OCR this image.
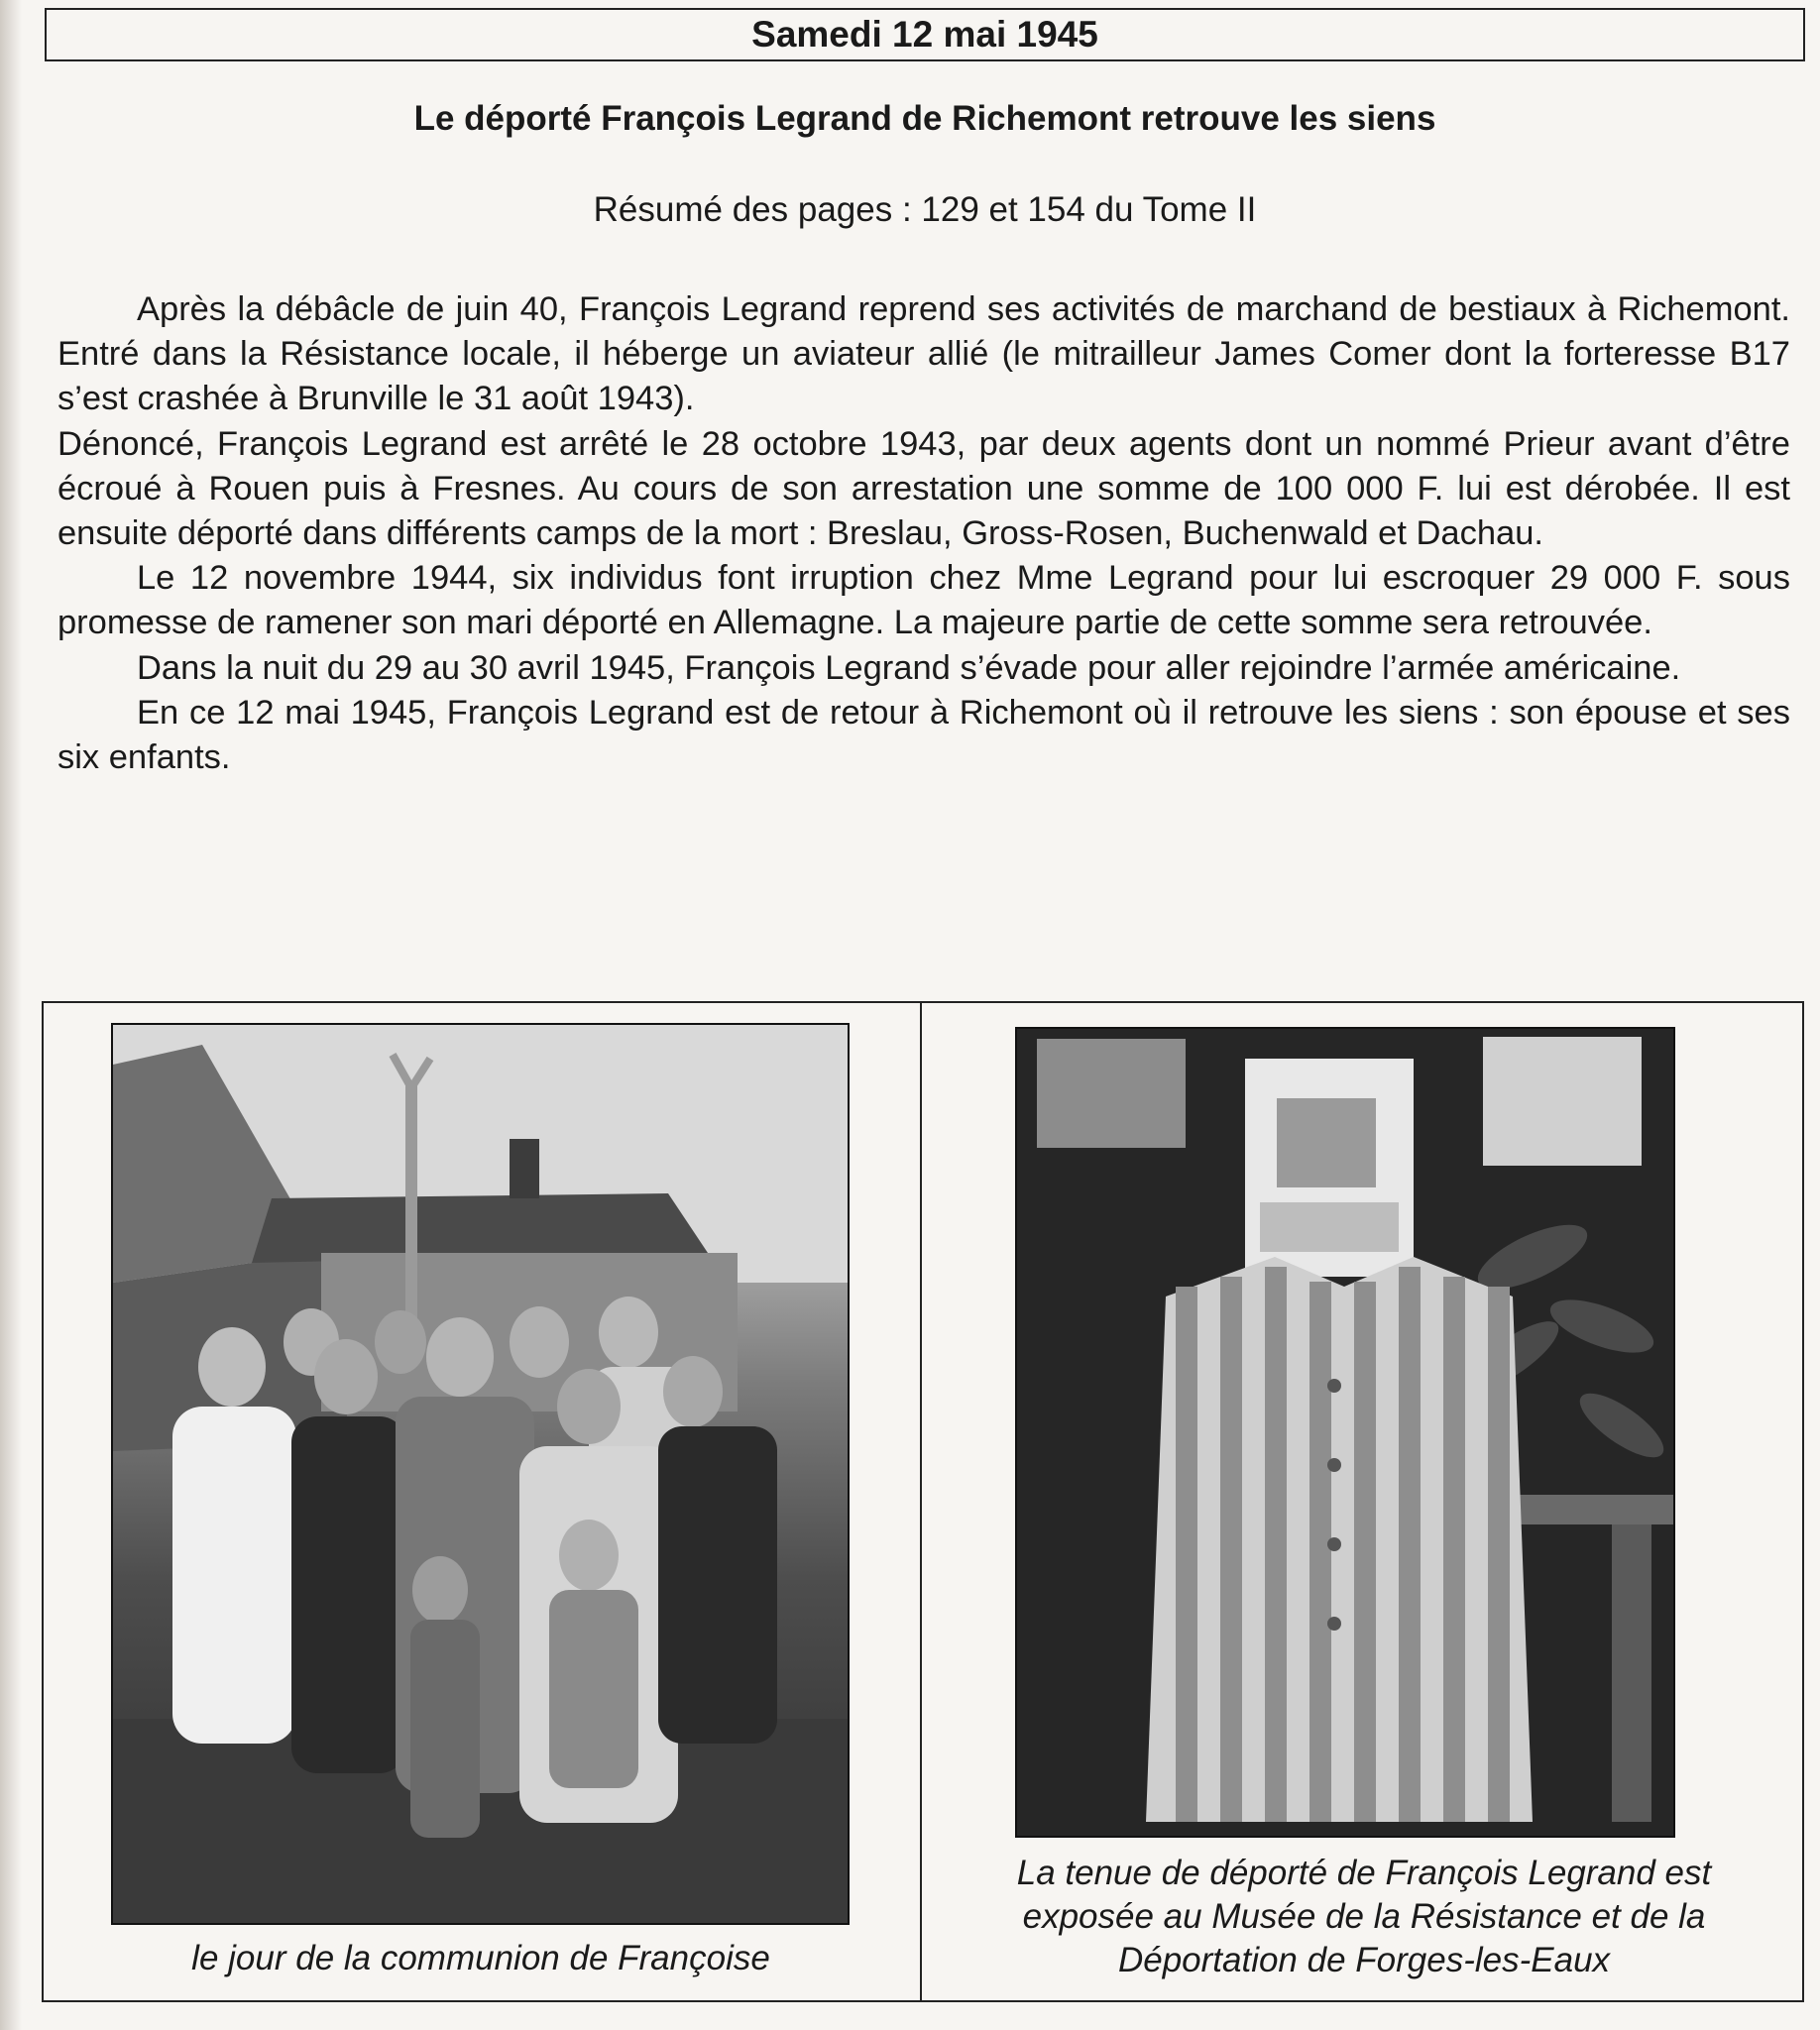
Samedi 12 mai 1945
Le déporté François Legrand de Richemont retrouve les siens
Résumé des pages : 129 et 154 du Tome II

Après la débâcle de juin 40, François Legrand reprend ses activités de marchand de bestiaux à Richemont. Entré dans la Résistance locale, il héberge un aviateur allié (le mitrailleur James Comer dont la forteresse B17 s’est crashée à Brunville le 31 août 1943).

Dénoncé, François Legrand est arrêté le 28 octobre 1943, par deux agents dont un nommé Prieur avant d’être écroué à Rouen puis à Fresnes. Au cours de son arrestation une somme de 100 000 F. lui est dérobée. Il est ensuite déporté dans différents camps de la mort : Breslau, Gross-Rosen, Buchenwald et Dachau.

Le 12 novembre 1944, six individus font irruption chez Mme Legrand pour lui escroquer 29 000 F. sous promesse de ramener son mari déporté en Allemagne. La majeure partie de cette somme sera retrouvée.

Dans la nuit du 29 au 30 avril 1945, François Legrand s’évade pour aller rejoindre l’armée américaine.

En ce 12 mai 1945, François Legrand est de retour à Richemont où il retrouve les siens : son épouse et ses six enfants.

le jour de la communion de Françoise
La tenue de déporté de François Legrand est
exposée au Musée de la Résistance et de la
Déportation de Forges-les-Eaux
